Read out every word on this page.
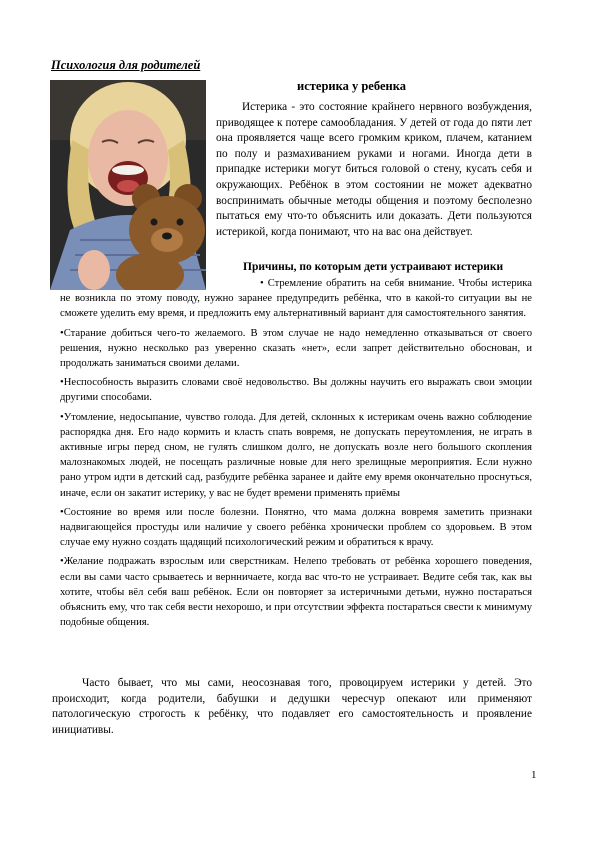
Психология для родителей
истерика у ребенка

Истерика - это состояние крайнего нервного возбуждения, приводящее к потере самообладания. У детей от года до пяти лет она проявляется чаще всего громким криком, плачем, катанием по полу и размахиванием руками и ногами. Иногда дети в припадке истерики могут биться головой о стену, кусать себя и окружающих. Ребёнок в этом состоянии не может адекватно воспринимать обычные методы общения и поэтому бесполезно пытаться ему что-то объяснить или доказать. Дети пользуются истерикой, когда понимают, что на вас она действует.

Причины, по которым дети устраивают истерики

• Стремление обратить на себя внимание. Чтобы истерика не возникла по этому поводу, нужно заранее предупредить ребёнка, что в какой-то ситуации вы не сможете уделить ему время, и предложить ему альтернативный вариант для самостоятельного занятия.

•Старание добиться чего-то желаемого. В этом случае не надо немедленно отказываться от своего решения, нужно несколько раз уверенно сказать «нет», если запрет действительно обоснован, и продолжать заниматься своими делами.

•Неспособность выразить словами своё недовольство. Вы должны научить его выражать свои эмоции другими способами.

•Утомление, недосыпание, чувство голода. Для детей, склонных к истерикам очень важно соблюдение распорядка дня. Его надо кормить и класть спать вовремя, не допускать переутомления, не играть в активные игры перед сном, не гулять слишком долго, не допускать возле него большого скопления малознакомых людей, не посещать различные новые для него зрелищные мероприятия. Если нужно рано утром идти в детский сад, разбудите ребёнка заранее и дайте ему время окончательно проснуться, иначе, если он закатит истерику, у вас не будет времени применять приёмы

•Состояние во время или после болезни. Понятно, что мама должна вовремя заметить признаки надвигающейся простуды или наличие у своего ребёнка хронически проблем со здоровьем. В этом случае ему нужно создать щадящий психологический режим и обратиться к врачу.

•Желание подражать взрослым или сверстникам. Нелепо требовать от ребёнка хорошего поведения, если вы сами часто срываетесь и вернничаете, когда вас что-то не устраивает. Ведите себя так, как вы хотите, чтобы вёл себя ваш ребёнок. Если он повторяет за истеричными детьми, нужно постараться объяснить ему, что так себя вести нехорошо, и при отсутствии эффекта постараться свести к минимуму подобные общения.

Часто бывает, что мы сами, неосознавая того, провоцируем истерики у детей. Это происходит, когда родители, бабушки и дедушки чересчур опекают или применяют патологическую строгость к ребёнку, что подавляет его самостоятельность и проявление инициативы.

1
